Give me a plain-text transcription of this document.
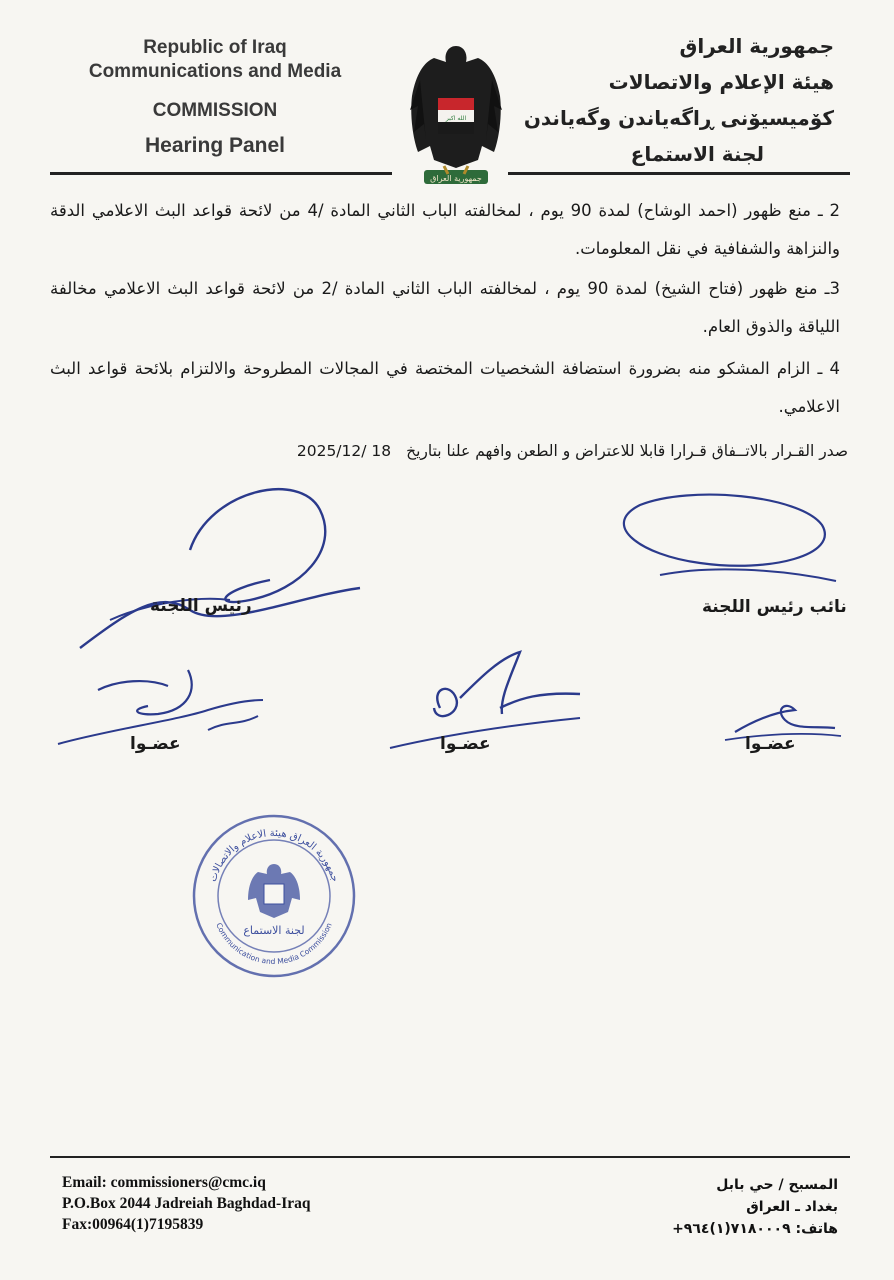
Republic of Iraq
Communications and Media
COMMISSION
Hearing Panel
الله اكبر
جمهورية العراق
جمهورية العراق
هيئة الإعلام والاتصالات
كۆمیسیۆنی ڕاگەیاندن وگەیاندن
لجنة الاستماع
2 ـ منع ظهور (احمد الوشاح) لمدة 90 يوم ، لمخالفته الباب الثاني المادة /4 من لائحة قواعد البث الاعلامي الدقة والنزاهة والشفافية في نقل المعلومات.
3ـ منع ظهور (فتاح الشيخ) لمدة 90 يوم ، لمخالفته الباب الثاني المادة /2 من لائحة قواعد البث الاعلامي مخالفة اللياقة والذوق العام.
4 ـ الزام المشكو منه بضرورة استضافة الشخصيات المختصة في المجالات المطروحة والالتزام بلائحة قواعد البث الاعلامي.
صدر القـرار بالاتــفاق قـرارا قابلا للاعتراض و الطعن وافهم علنا بتاريخ 2025/12/ 18
رئيس اللجنة	نائب رئيس اللجنة
عضـوا	عضـوا	عضـوا
لجنة الاستماع
جمهورية العراق هيئة الاعلام والاتصالات
Communication and Media Commission
Email: commissioners@cmc.iq
P.O.Box 2044 Jadreiah Baghdad-Iraq
Fax:00964(1)7195839
المسبح / حي بابل
بغداد ـ العراق
هاتف: ٧١٨٠٠٠٩(١)٩٦٤+
